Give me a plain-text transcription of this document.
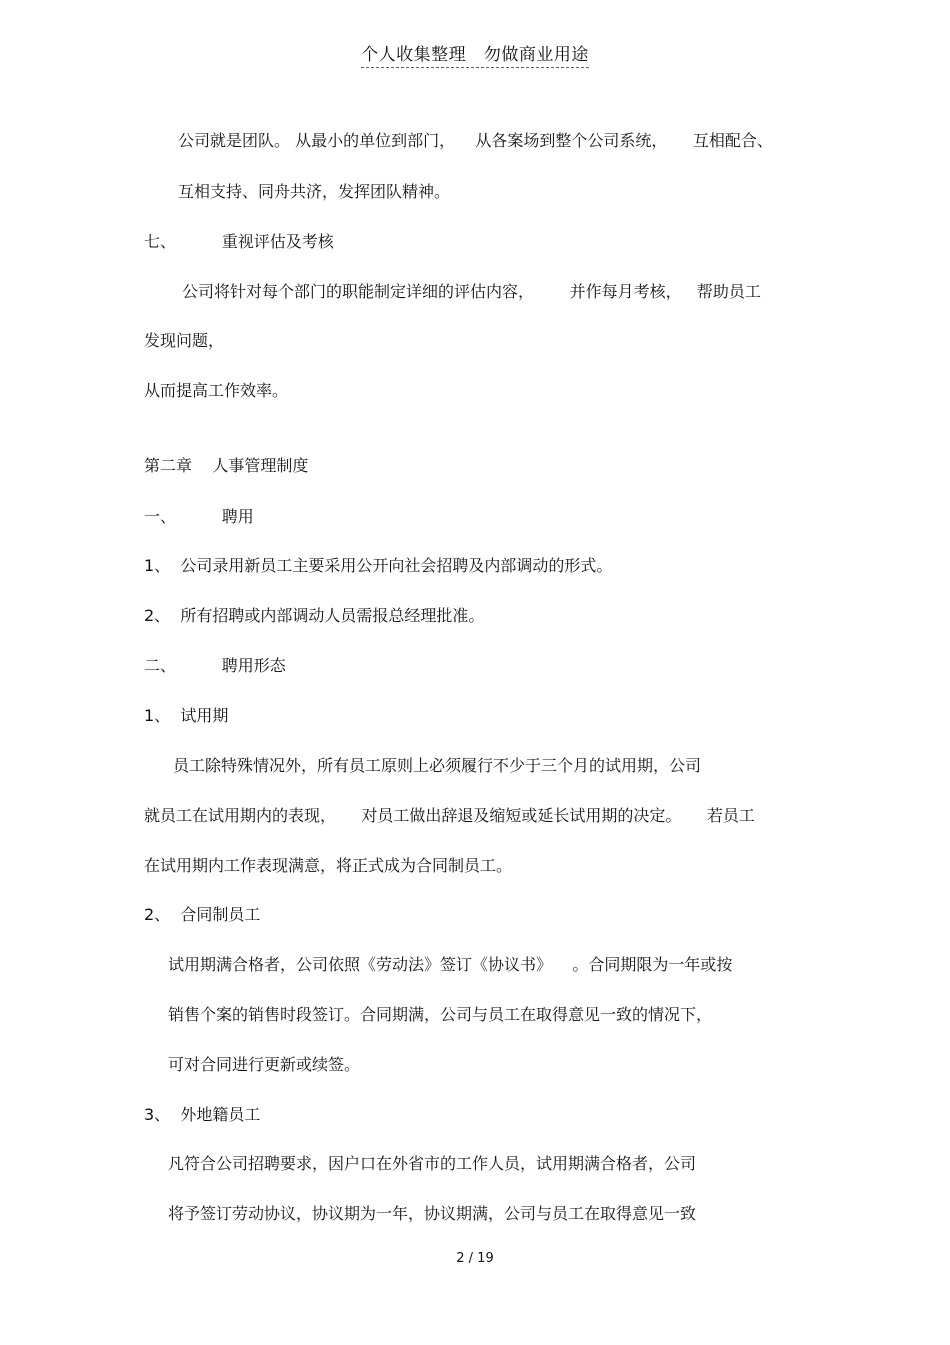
个人收集整理   勿做商业用途
公司就是团队。 从最小的单位到部门，    从各案场到整个公司系统，     互相配合、
互相支持、同舟共济，发挥团队精神。
七、         重视评估及考核
公司将针对每个部门的职能制定详细的评估内容，       并作每月考核，   帮助员工
发现问题，
从而提高工作效率。
第二章    人事管理制度
一、         聘用
1、  公司录用新员工主要采用公开向社会招聘及内部调动的形式。
2、  所有招聘或内部调动人员需报总经理批准。
二、         聘用形态
1、  试用期
员工除特殊情况外，所有员工原则上必须履行不少于三个月的试用期，公司
就员工在试用期内的表现，     对员工做出辞退及缩短或延长试用期的决定。     若员工
在试用期内工作表现满意，将正式成为合同制员工。
2、  合同制员工
试用期满合格者，公司依照《劳动法》签订《协议书》    。合同期限为一年或按
销售个案的销售时段签订。合同期满，公司与员工在取得意见一致的情况下，
可对合同进行更新或续签。
3、  外地籍员工
凡符合公司招聘要求，因户口在外省市的工作人员，试用期满合格者，公司
将予签订劳动协议，协议期为一年，协议期满，公司与员工在取得意见一致
2 / 19
